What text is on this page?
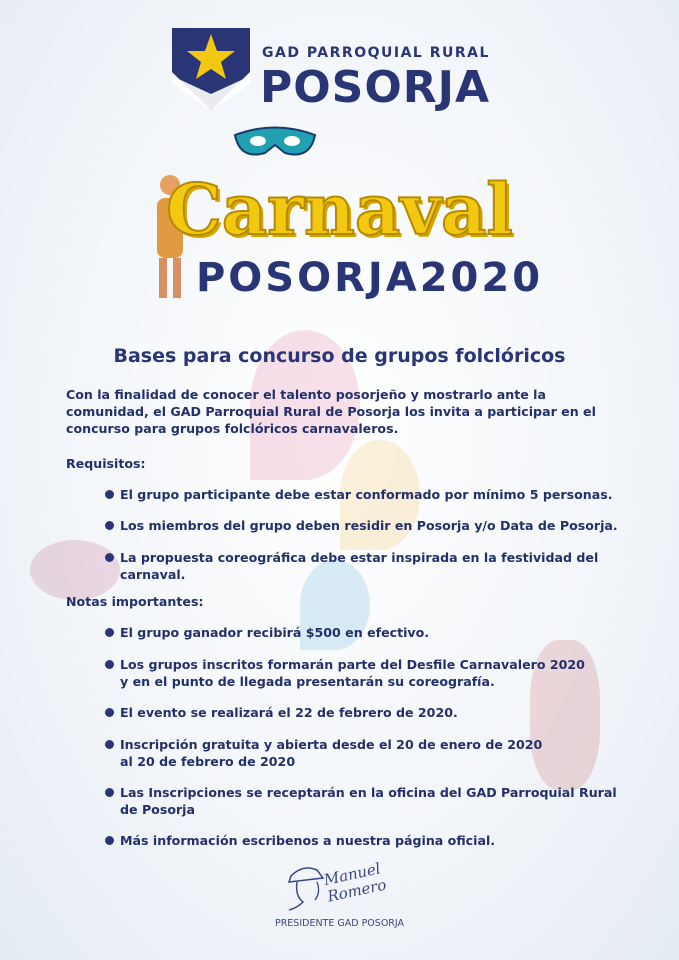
GAD PARROQUIAL RURAL
POSORJA
Carnaval
POSORJA2020
Bases para concurso de grupos folclóricos
Con la finalidad de conocer el talento posorjeño y mostrarlo ante la comunidad, el GAD Parroquial Rural de Posorja los invita a participar en el concurso para grupos folclóricos carnavaleros.
Requisitos:
El grupo participante debe estar conformado por mínimo 5 personas.
Los miembros del grupo deben residir en Posorja y/o Data de Posorja.
La propuesta coreográfica debe estar inspirada en la festividad del carnaval.
Notas importantes:
El grupo ganador recibirá $500 en efectivo.
Los grupos inscritos formarán parte del Desfile Carnavalero 2020
y en el punto de llegada presentarán su coreografía.
El evento se realizará el 22 de febrero de 2020.
Inscripción gratuita y abierta desde el 20 de enero de 2020
al 20 de febrero de 2020
Las Inscripciones se receptarán en la oficina del GAD Parroquial Rural
de Posorja
Más información escribenos a nuestra página oficial.
Manuel Romero
PRESIDENTE GAD POSORJA
